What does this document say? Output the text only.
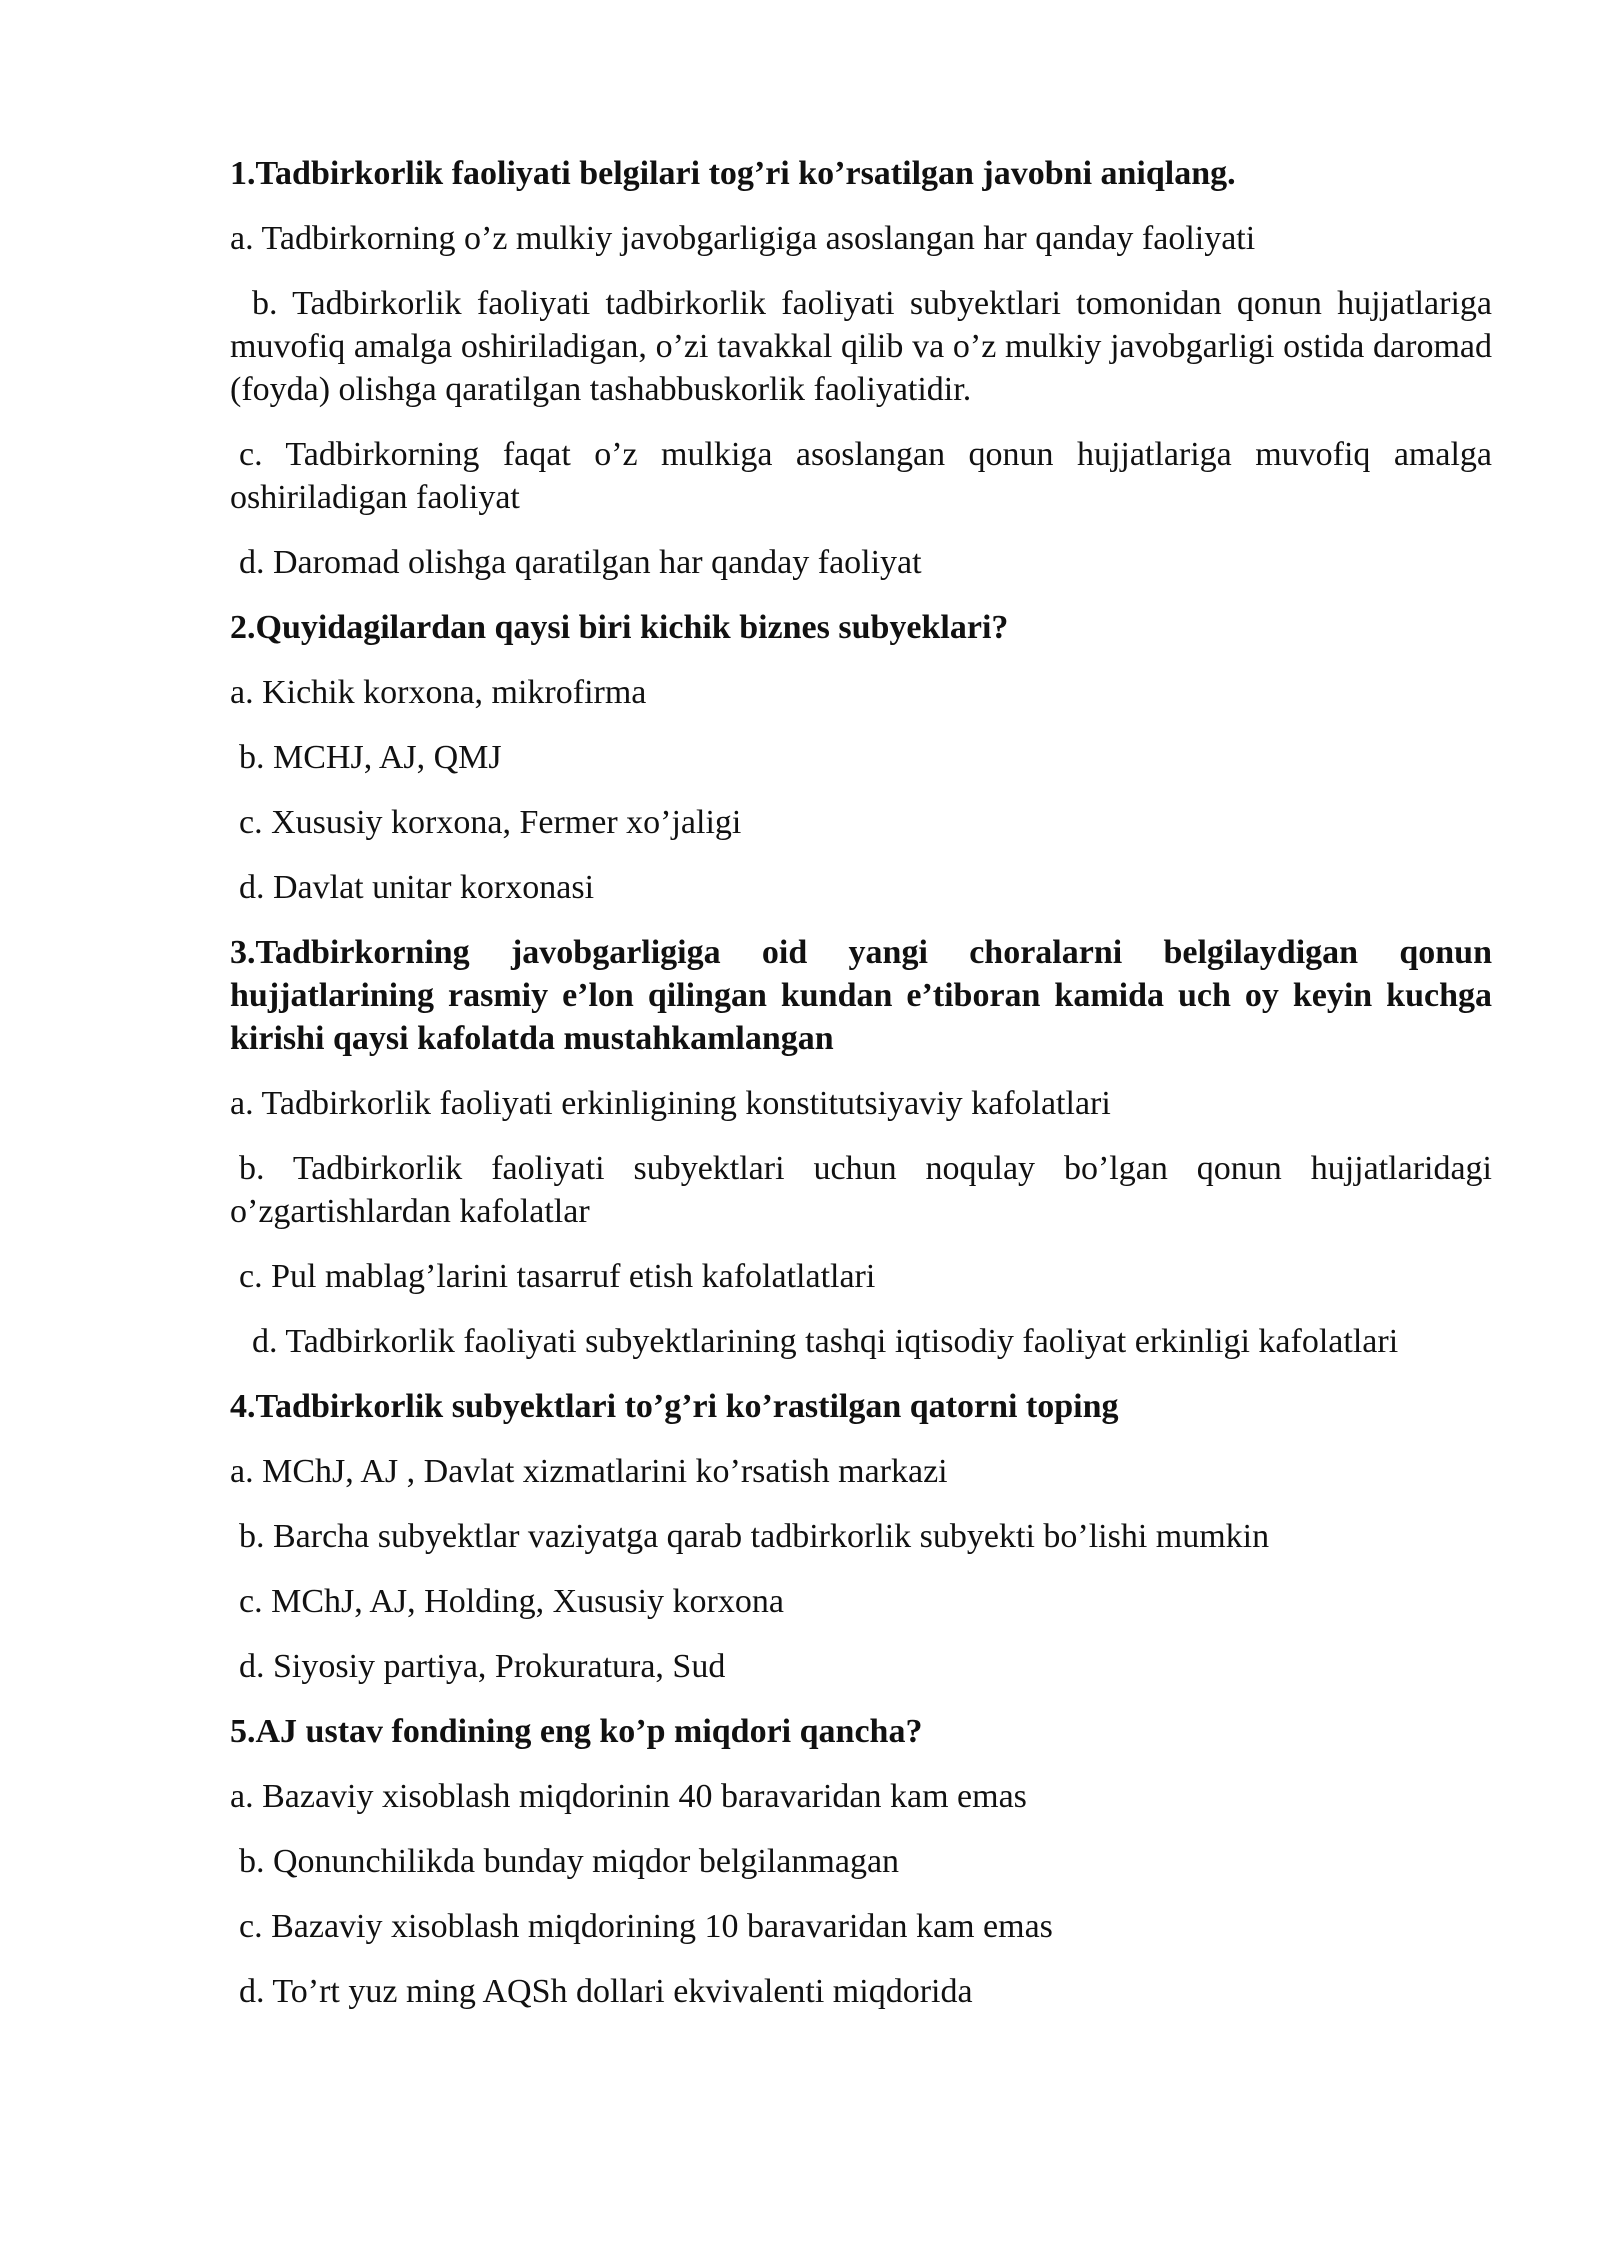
1.Tadbirkorlik faoliyati belgilari tog’ri ko’rsatilgan javobni aniqlang.

a. Tadbirkorning o’z mulkiy javobgarligiga asoslangan har qanday faoliyati

b. Tadbirkorlik faoliyati tadbirkorlik faoliyati subyektlari tomonidan qonun hujjatlariga muvofiq amalga oshiriladigan, o’zi tavakkal qilib va o’z mulkiy javobgarligi ostida daromad (foyda) olishga qaratilgan tashabbuskorlik faoliyatidir.

c. Tadbirkorning faqat o’z mulkiga asoslangan qonun hujjatlariga muvofiq amalga oshiriladigan faoliyat

d. Daromad olishga qaratilgan har qanday faoliyat

2.Quyidagilardan qaysi biri kichik biznes subyeklari?

a. Kichik korxona, mikrofirma

b. MCHJ, AJ, QMJ

c. Xususiy korxona, Fermer xo’jaligi

d. Davlat unitar korxonasi

3.Tadbirkorning javobgarligiga oid yangi choralarni belgilaydigan qonun hujjatlarining rasmiy e’lon qilingan kundan e’tiboran kamida uch oy keyin kuchga kirishi qaysi kafolatda mustahkamlangan

a. Tadbirkorlik faoliyati erkinligining konstitutsiyaviy kafolatlari

b. Tadbirkorlik faoliyati subyektlari uchun noqulay bo’lgan qonun hujjatlaridagi o’zgartishlardan kafolatlar

c. Pul mablag’larini tasarruf etish kafolatlatlari

d. Tadbirkorlik faoliyati subyektlarining tashqi iqtisodiy faoliyat erkinligi kafolatlari

4.Tadbirkorlik subyektlari to’g’ri ko’rastilgan qatorni toping

a. MChJ, AJ , Davlat xizmatlarini ko’rsatish markazi

b. Barcha subyektlar vaziyatga qarab tadbirkorlik subyekti bo’lishi mumkin

c. MChJ, AJ, Holding, Xususiy korxona

d. Siyosiy partiya, Prokuratura, Sud

5.AJ ustav fondining eng ko’p miqdori qancha?

a. Bazaviy xisoblash miqdorinin 40 baravaridan kam emas

b. Qonunchilikda bunday miqdor belgilanmagan

c. Bazaviy xisoblash miqdorining 10 baravaridan kam emas

d. To’rt yuz ming AQSh dollari ekvivalenti miqdorida
